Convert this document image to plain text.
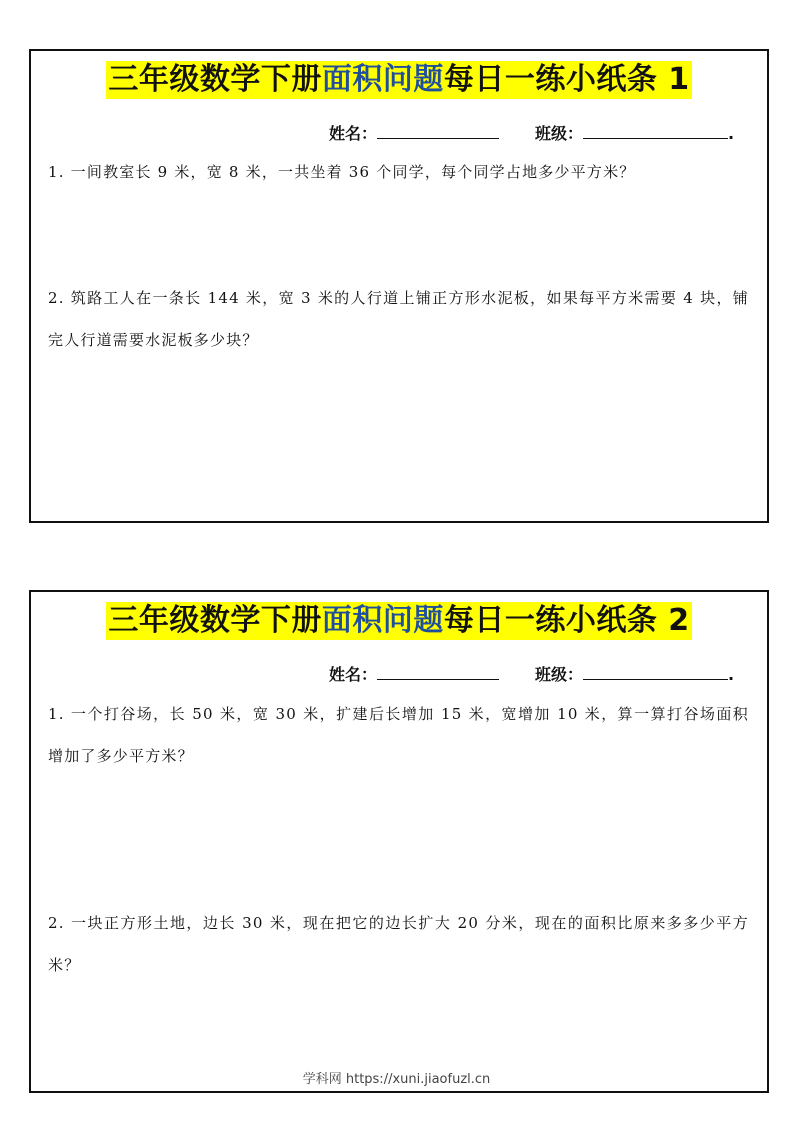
三年级数学下册面积问题每日一练小纸条 1
姓名：	班级：	.
1. 一间教室长 9 米，宽 8 米，一共坐着 36 个同学，每个同学占地多少平方米？
2. 筑路工人在一条长 144 米，宽 3 米的人行道上铺正方形水泥板，如果每平方米需要 4 块，铺完人行道需要水泥板多少块？
三年级数学下册面积问题每日一练小纸条 2
姓名：	班级：	.
1. 一个打谷场，长 50 米，宽 30 米，扩建后长增加 15 米，宽增加 10 米，算一算打谷场面积增加了多少平方米？
2. 一块正方形土地，边长 30 米，现在把它的边长扩大 20 分米，现在的面积比原来多多少平方米？
学科网 https://xuni.jiaofuzl.cn
